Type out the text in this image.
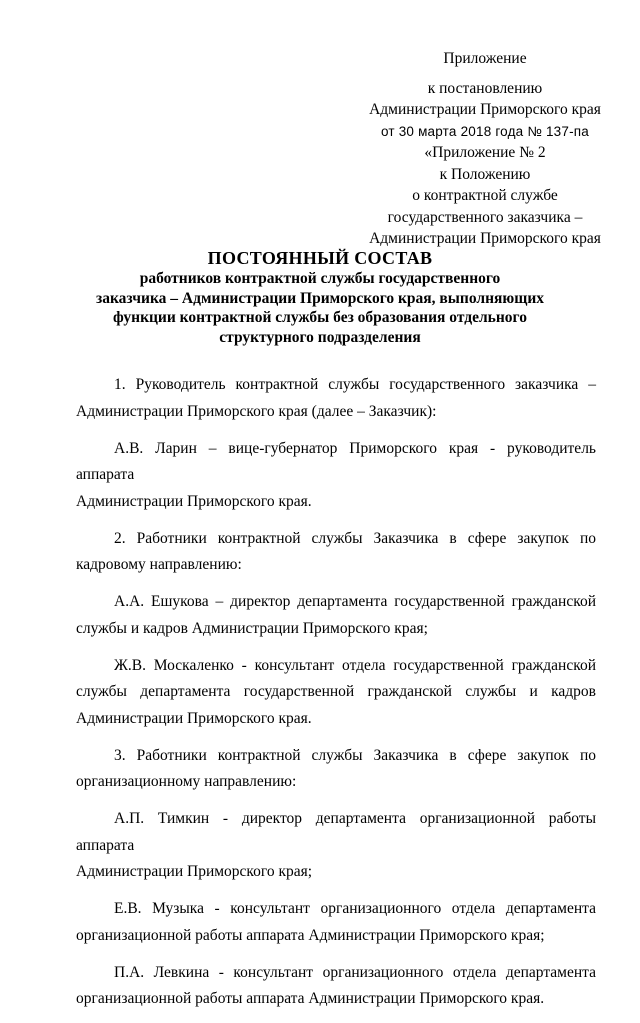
Приложение
к постановлению
Администрации Приморского края
от 30 марта 2018 года № 137-па
«Приложение № 2
к Положению
о контрактной службе
государственного заказчика –
Администрации Приморского края
ПОСТОЯННЫЙ СОСТАВ
работников контрактной службы государственного
заказчика – Администрации Приморского края, выполняющих
функции контрактной службы без образования отдельного
структурного подразделения
1. Руководитель контрактной службы государственного заказчика –
Администрации Приморского края (далее – Заказчик):
А.В. Ларин – вице-губернатор Приморского края - руководитель аппарата
Администрации Приморского края.
2. Работники контрактной службы Заказчика в сфере закупок по
кадровому направлению:
А.А. Ешукова – директор департамента государственной гражданской
службы и кадров Администрации Приморского края;
Ж.В. Москаленко - консультант отдела государственной гражданской
службы департамента государственной гражданской службы и кадров
Администрации Приморского края.
3. Работники контрактной службы Заказчика в сфере закупок по
организационному направлению:
А.П. Тимкин - директор департамента организационной работы аппарата
Администрации Приморского края;
Е.В. Музыка - консультант организационного отдела департамента
организационной работы аппарата Администрации Приморского края;
П.А. Левкина - консультант организационного отдела департамента
организационной работы аппарата Администрации Приморского края.
